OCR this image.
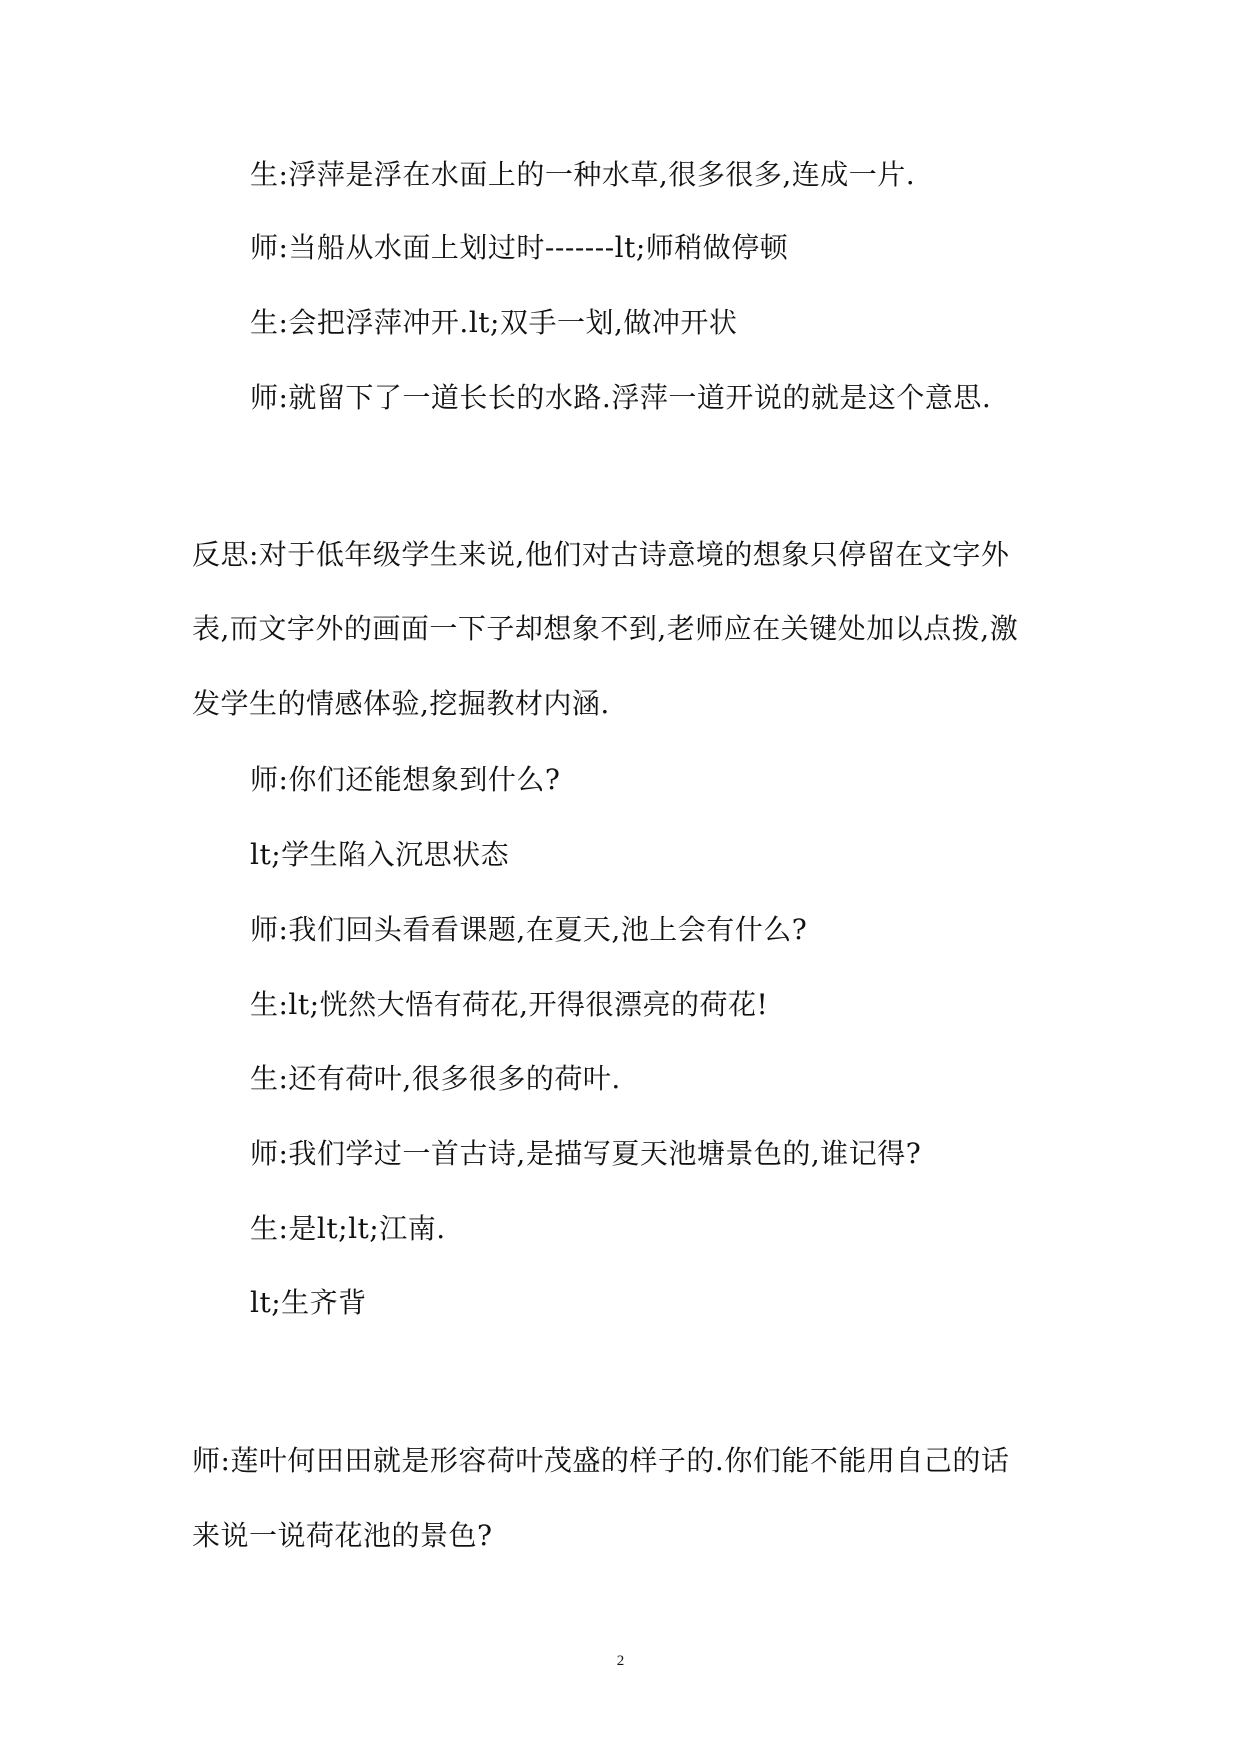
生:浮萍是浮在水面上的一种水草,很多很多,连成一片.
师:当船从水面上划过时-------lt;师稍做停顿
生:会把浮萍冲开.lt;双手一划,做冲开状
师:就留下了一道长长的水路.浮萍一道开说的就是这个意思.
反思:对于低年级学生来说,他们对古诗意境的想象只停留在文字外
表,而文字外的画面一下子却想象不到,老师应在关键处加以点拨,激
发学生的情感体验,挖掘教材内涵.
师:你们还能想象到什么?
lt;学生陷入沉思状态
师:我们回头看看课题,在夏天,池上会有什么?
生:lt;恍然大悟有荷花,开得很漂亮的荷花!
生:还有荷叶,很多很多的荷叶.
师:我们学过一首古诗,是描写夏天池塘景色的,谁记得?
生:是lt;lt;江南.
lt;生齐背
师:莲叶何田田就是形容荷叶茂盛的样子的.你们能不能用自己的话
来说一说荷花池的景色?
2
